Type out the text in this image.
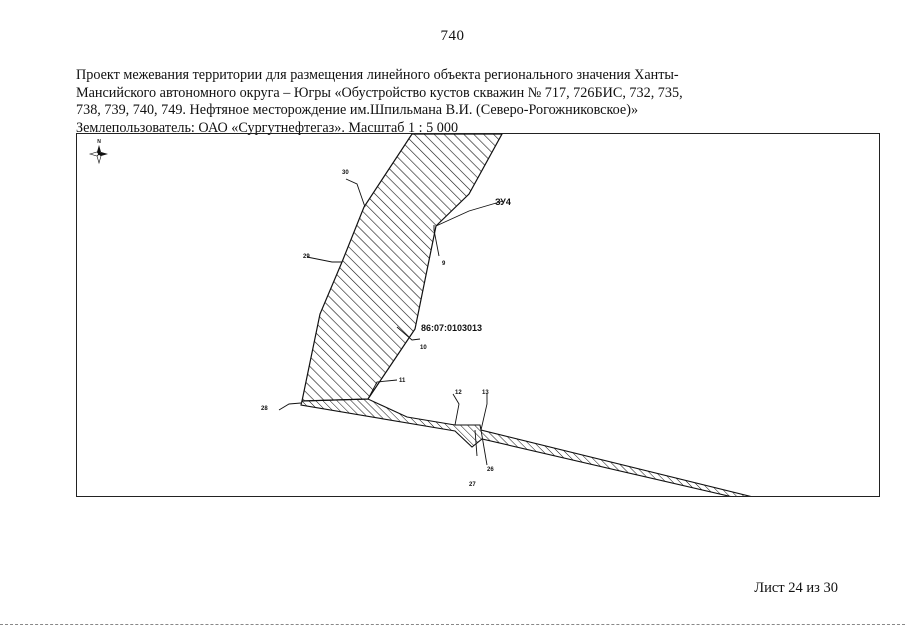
740
Проект межевания территории для размещения линейного объекта регионального значения Ханты-
Мансийского автономного округа – Югры «Обустройство кустов скважин № 717, 726БИС, 732, 735,
738, 739, 740, 749. Нефтяное месторождение им.Шпильмана В.И. (Северо-Рогожниковское)»
Землепользователь: ОАО «Сургутнефтегаз». Масштаб 1 : 5 000
N
30
29
9
ЗУ4
86:07:0103013
10
11
12	13
28
26
27
Лист 24 из 30
